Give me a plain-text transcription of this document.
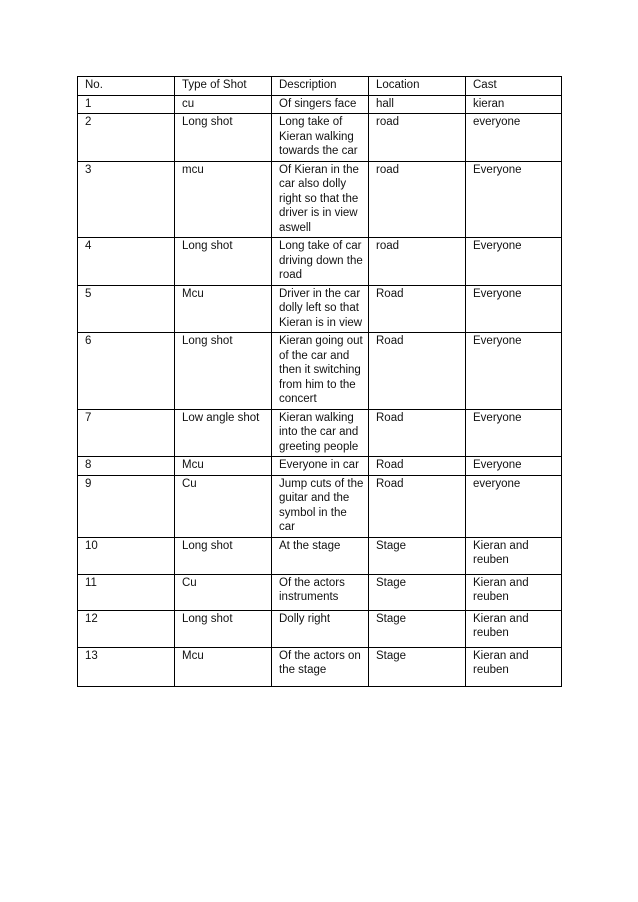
No.	Type of Shot	Description	Location	Cast
1	cu	Of singers face	hall	kieran

2	Long shot	Long take of
Kieran walking
towards the car	road	everyone

3	mcu	Of Kieran in the
car also dolly
right so that the
driver is in view
aswell	road	Everyone

4	Long shot	Long take of car
driving down the
road	road	Everyone

5	Mcu	Driver in the car
dolly left so that
Kieran is in view	Road	Everyone

6	Long shot	Kieran going out
of the car and
then it switching
from him to the
concert	Road	Everyone

7	Low angle shot	Kieran walking
into the car and
greeting people	Road	Everyone

8	Mcu	Everyone in car	Road	Everyone

9	Cu	Jump cuts of the
guitar and the
symbol in the car	Road	everyone

10	Long shot	At the stage	Stage	Kieran and
reuben

11	Cu	Of the actors
instruments	Stage	Kieran and
reuben

12	Long shot	Dolly right	Stage	Kieran and
reuben

13	Mcu	Of the actors on
the stage	Stage	Kieran and
reuben
